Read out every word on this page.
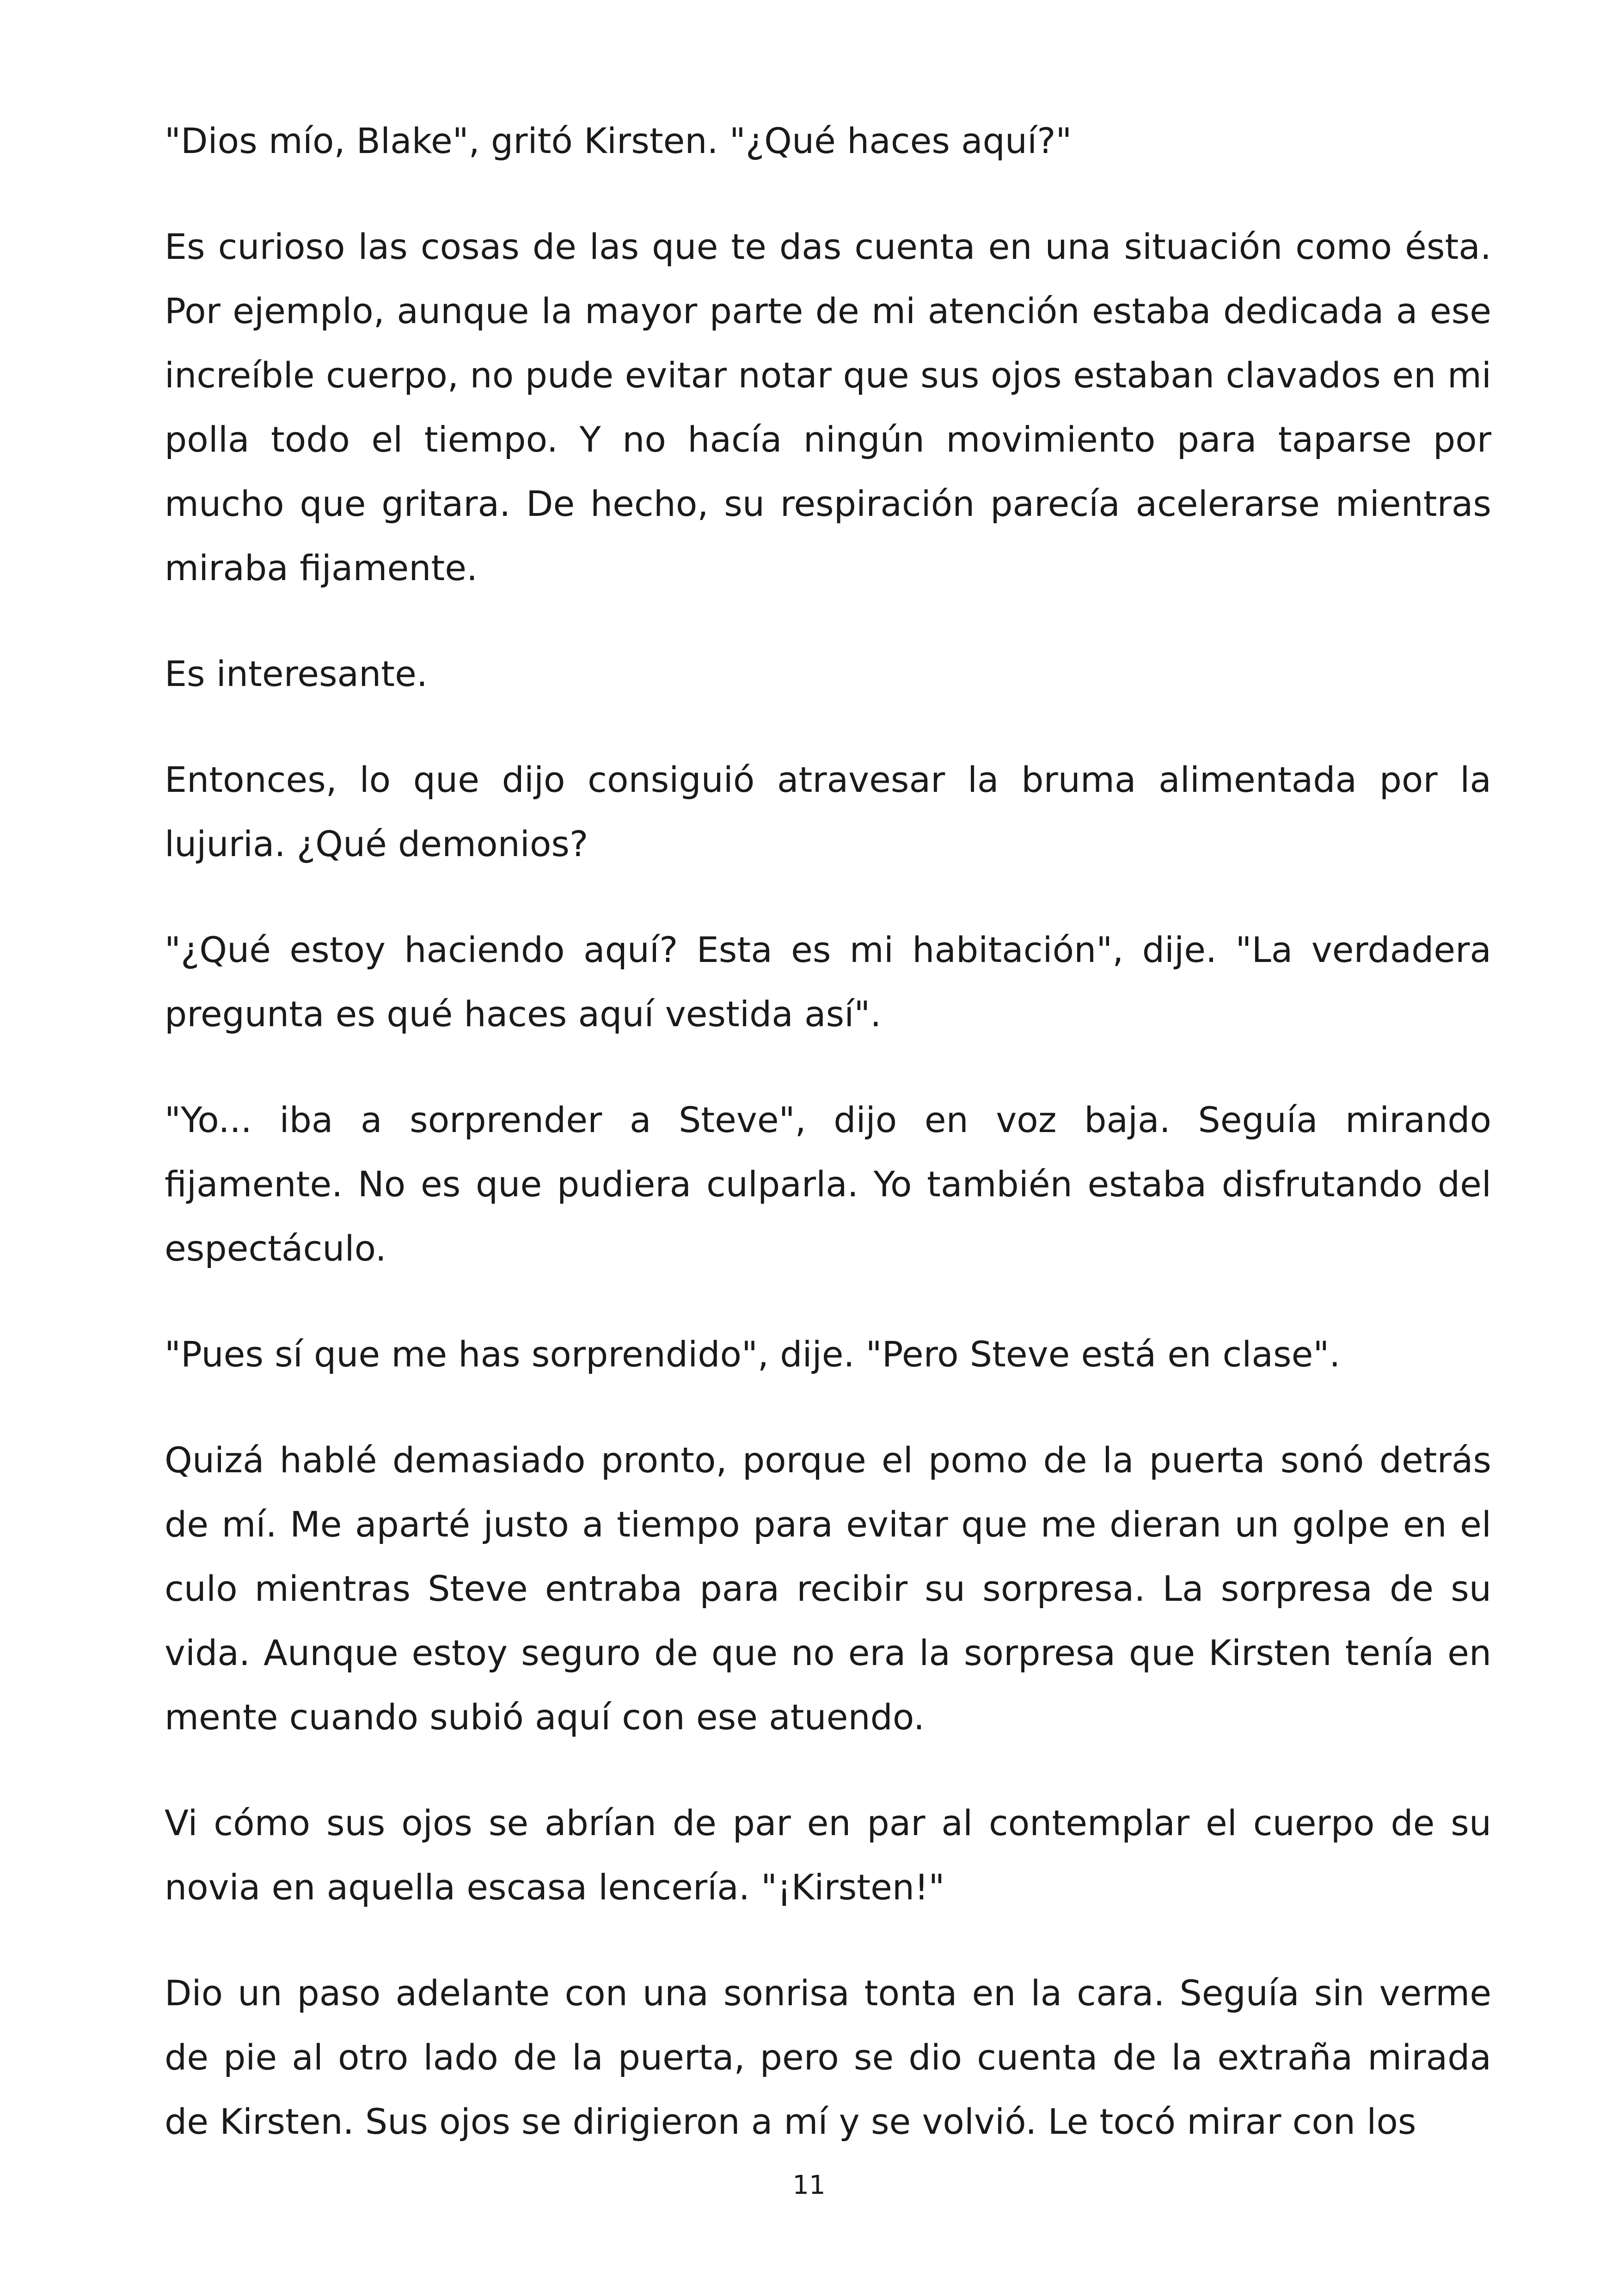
"Dios mío, Blake", gritó Kirsten. "¿Qué haces aquí?"

Es curioso las cosas de las que te das cuenta en una situación como ésta. Por ejemplo, aunque la mayor parte de mi atención estaba dedicada a ese increíble cuerpo, no pude evitar notar que sus ojos estaban clavados en mi polla todo el tiempo. Y no hacía ningún movimiento para taparse por mucho que gritara. De hecho, su respiración parecía acelerarse mientras miraba fijamente.

Es interesante.

Entonces, lo que dijo consiguió atravesar la bruma alimentada por la lujuria. ¿Qué demonios?

"¿Qué estoy haciendo aquí? Esta es mi habitación", dije. "La verdadera pregunta es qué haces aquí vestida así".

"Yo... iba a sorprender a Steve", dijo en voz baja. Seguía mirando fijamente. No es que pudiera culparla. Yo también estaba disfrutando del espectáculo.

"Pues sí que me has sorprendido", dije. "Pero Steve está en clase".

Quizá hablé demasiado pronto, porque el pomo de la puerta sonó detrás de mí. Me aparté justo a tiempo para evitar que me dieran un golpe en el culo mientras Steve entraba para recibir su sorpresa. La sorpresa de su vida. Aunque estoy seguro de que no era la sorpresa que Kirsten tenía en mente cuando subió aquí con ese atuendo.

Vi cómo sus ojos se abrían de par en par al contemplar el cuerpo de su novia en aquella escasa lencería. "¡Kirsten!"

Dio un paso adelante con una sonrisa tonta en la cara. Seguía sin verme de pie al otro lado de la puerta, pero se dio cuenta de la extraña mirada de Kirsten. Sus ojos se dirigieron a mí y se volvió. Le tocó mirar con los

11
